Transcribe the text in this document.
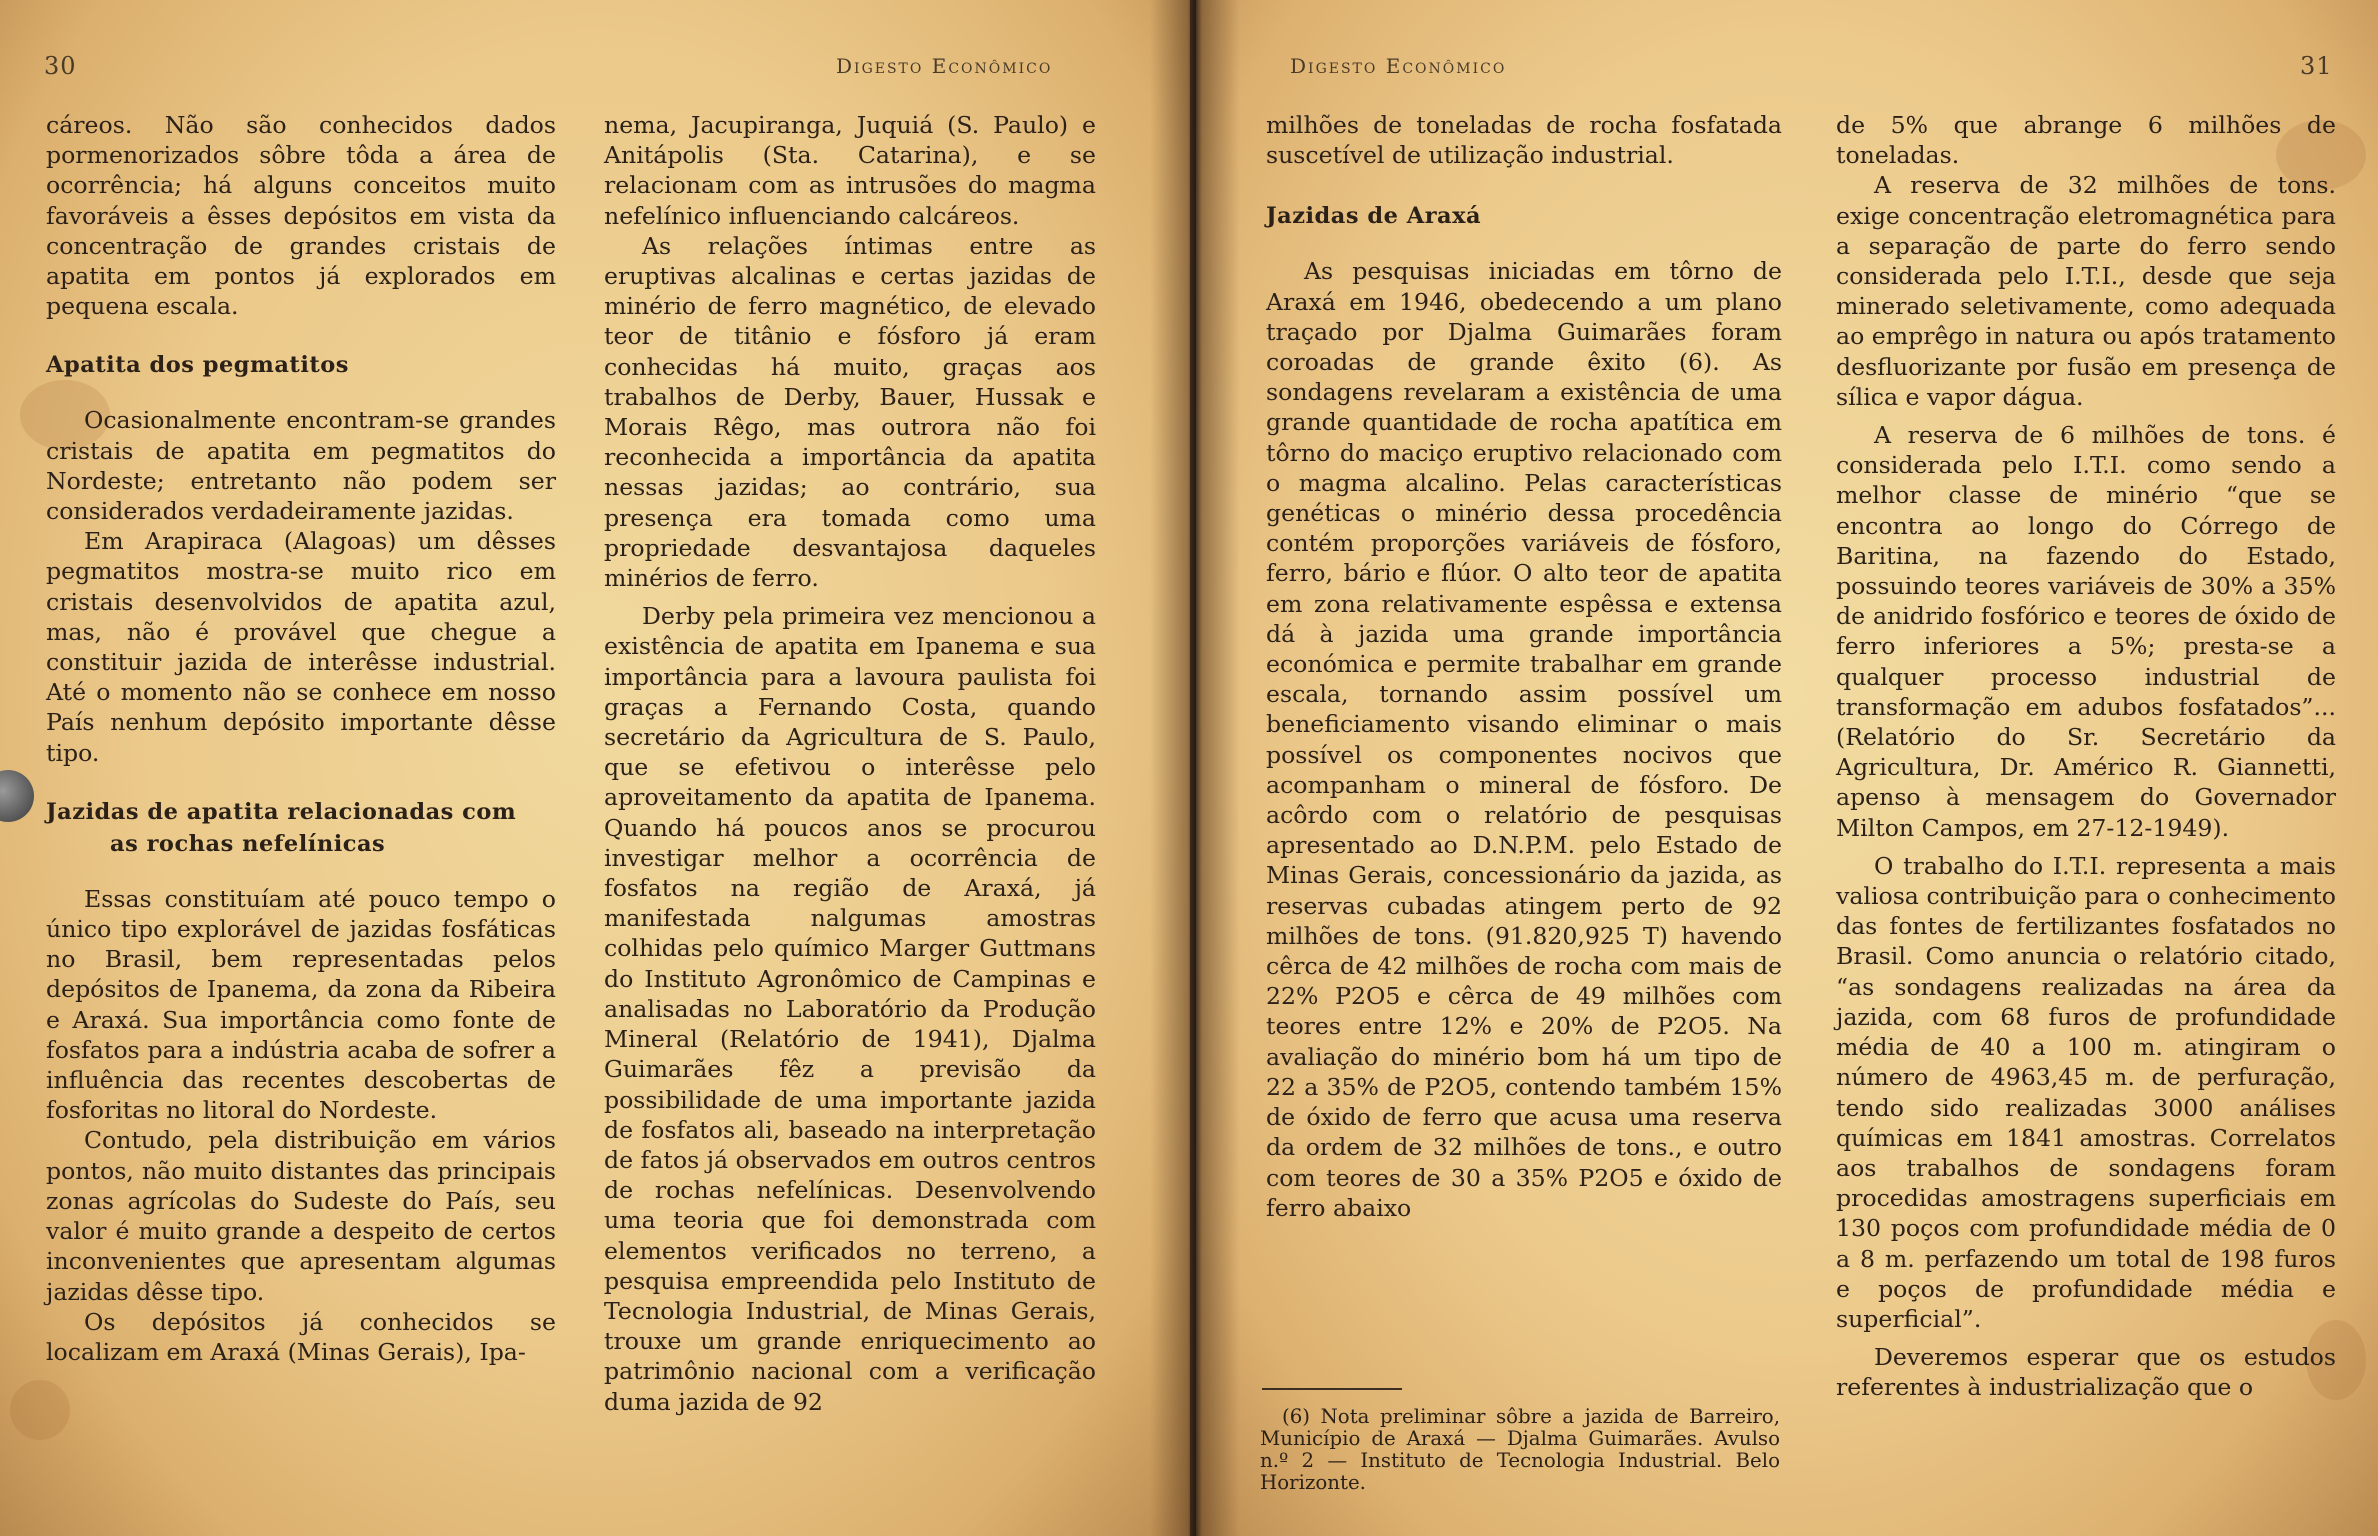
30	Digesto Econômico

cáreos. Não são conhecidos dados pormenorizados sôbre tôda a área de ocorrência; há alguns conceitos muito favoráveis a êsses depósitos em vista da concentração de grandes cristais de apatita em pontos já explorados em pequena escala.

Apatita dos pegmatitos

Ocasionalmente encontram-se grandes cristais de apatita em pegmatitos do Nordeste; entretanto não podem ser considerados verdadeiramente jazidas.

Em Arapiraca (Alagoas) um dêsses pegmatitos mostra-se muito rico em cristais desenvolvidos de apatita azul, mas, não é provável que chegue a constituir jazida de interêsse industrial. Até o momento não se conhece em nosso País nenhum depósito importante dêsse tipo.

Jazidas de apatita relacionadas com
as rochas nefelínicas

Essas constituíam até pouco tempo o único tipo explorável de jazidas fosfáticas no Brasil, bem representadas pelos depósitos de Ipanema, da zona da Ribeira e Araxá. Sua importância como fonte de fosfatos para a indústria acaba de sofrer a influência das recentes descobertas de fosforitas no litoral do Nordeste.

Contudo, pela distribuição em vários pontos, não muito distantes das principais zonas agrícolas do Sudeste do País, seu valor é muito grande a despeito de certos inconvenientes que apresentam algumas jazidas dêsse tipo.

Os depósitos já conhecidos se localizam em Araxá (Minas Gerais), Ipa-

nema, Jacupiranga, Juquiá (S. Paulo) e Anitápolis (Sta. Catarina), e se relacionam com as intrusões do magma nefelínico influenciando calcáreos.

As relações íntimas entre as eruptivas alcalinas e certas jazidas de minério de ferro magnético, de elevado teor de titânio e fósforo já eram conhecidas há muito, graças aos trabalhos de Derby, Bauer, Hussak e Morais Rêgo, mas outrora não foi reconhecida a importância da apatita nessas jazidas; ao contrário, sua presença era tomada como uma propriedade desvantajosa daqueles minérios de ferro.

Derby pela primeira vez mencionou a existência de apatita em Ipanema e sua importância para a lavoura paulista foi graças a Fernando Costa, quando secretário da Agricultura de S. Paulo, que se efetivou o interêsse pelo aproveitamento da apatita de Ipanema. Quando há poucos anos se procurou investigar melhor a ocorrência de fosfatos na região de Araxá, já manifestada nalgumas amostras colhidas pelo químico Marger Guttmans do Instituto Agronômico de Campinas e analisadas no Laboratório da Produção Mineral (Relatório de 1941), Djalma Guimarães fêz a previsão da possibilidade de uma importante jazida de fosfatos ali, baseado na interpretação de fatos já observados em outros centros de rochas nefelínicas. Desenvolvendo uma teoria que foi demonstrada com elementos verificados no terreno, a pesquisa empreendida pelo Instituto de Tecnologia Industrial, de Minas Gerais, trouxe um grande enriquecimento ao patrimônio nacional com a verificação duma jazida de 92

Digesto Econômico	31

milhões de toneladas de rocha fosfatada suscetível de utilização industrial.

Jazidas de Araxá

As pesquisas iniciadas em tôrno de Araxá em 1946, obedecendo a um plano traçado por Djalma Guimarães foram coroadas de grande êxito (6). As sondagens revelaram a existência de uma grande quantidade de rocha apatítica em tôrno do maciço eruptivo relacionado com o magma alcalino. Pelas características genéticas o minério dessa procedência contém proporções variáveis de fósforo, ferro, bário e flúor. O alto teor de apatita em zona relativamente espêssa e extensa dá à jazida uma grande importância económica e permite trabalhar em grande escala, tornando assim possível um beneficiamento visando eliminar o mais possível os componentes nocivos que acompanham o mineral de fósforo. De acôrdo com o relatório de pesquisas apresentado ao D.N.P.M. pelo Estado de Minas Gerais, concessionário da jazida, as reservas cubadas atingem perto de 92 milhões de tons. (91.820,925 T) havendo cêrca de 42 milhões de rocha com mais de 22% P2O5 e cêrca de 49 milhões com teores entre 12% e 20% de P2O5. Na avaliação do minério bom há um tipo de 22 a 35% de P2O5, contendo também 15% de óxido de ferro que acusa uma reserva da ordem de 32 milhões de tons., e outro com teores de 30 a 35% P2O5 e óxido de ferro abaixo

de 5% que abrange 6 milhões de toneladas.

A reserva de 32 milhões de tons. exige concentração eletromagnética para a separação de parte do ferro sendo considerada pelo I.T.I., desde que seja minerado seletivamente, como adequada ao emprêgo in natura ou após tratamento desfluorizante por fusão em presença de sílica e vapor dágua.

A reserva de 6 milhões de tons. é considerada pelo I.T.I. como sendo a melhor classe de minério “que se encontra ao longo do Córrego de Baritina, na fazendo do Estado, possuindo teores variáveis de 30% a 35% de anidrido fosfórico e teores de óxido de ferro inferiores a 5%; presta-se a qualquer processo industrial de transformação em adubos fosfatados”... (Relatório do Sr. Secretário da Agricultura, Dr. Américo R. Giannetti, apenso à mensagem do Governador Milton Campos, em 27-12-1949).

O trabalho do I.T.I. representa a mais valiosa contribuição para o conhecimento das fontes de fertilizantes fosfatados no Brasil. Como anuncia o relatório citado, “as sondagens realizadas na área da jazida, com 68 furos de profundidade média de 40 a 100 m. atingiram o número de 4963,45 m. de perfuração, tendo sido realizadas 3000 análises químicas em 1841 amostras. Correlatos aos trabalhos de sondagens foram procedidas amostragens superficiais em 130 poços com profundidade média de 0 a 8 m. perfazendo um total de 198 furos e poços de profundidade média e superficial”.

Deveremos esperar que os estudos referentes à industrialização que o

(6) Nota preliminar sôbre a jazida de Barreiro, Município de Araxá — Djalma Guimarães. Avulso n.º 2 — Instituto de Tecnologia Industrial. Belo Horizonte.
